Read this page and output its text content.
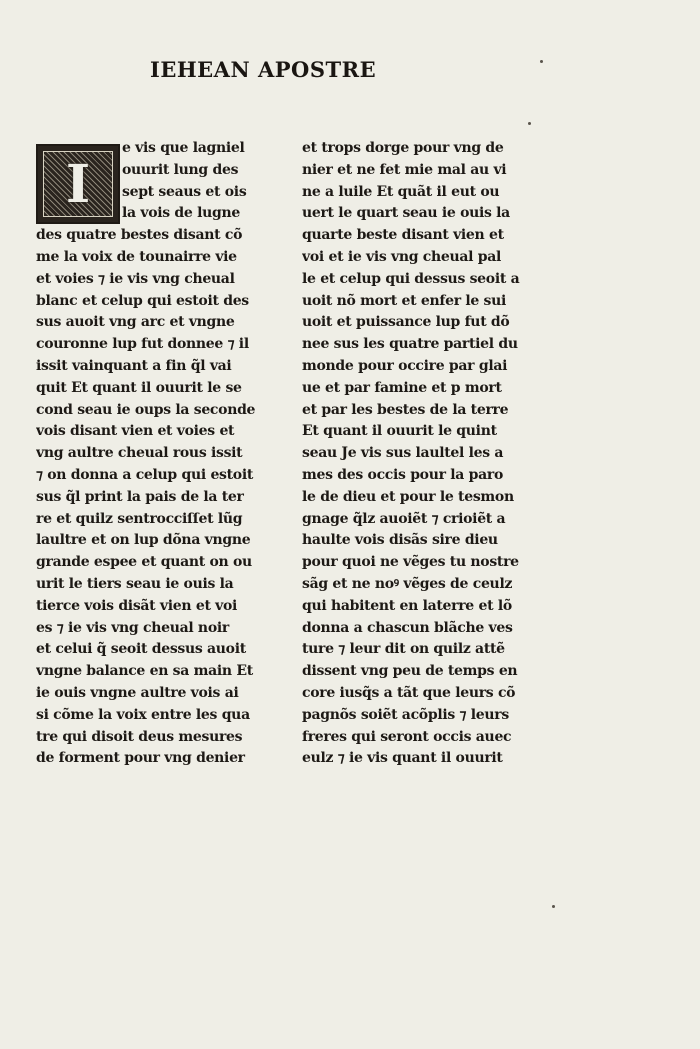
IEHEAN APOSTRE
I
e vis que lagniel
ouurit lung des
sept seaus et ois
la vois de lugne
des quatre bestes disant cõ
me la voix de tounairre vie
et voies ⁊ ie vis vng cheual
blanc et celup qui estoit des
sus auoit vng arc et vngne
couronne lup fut donnee ⁊ il
issit vainquant a fin q̃l vai
quit Et quant il ouurit le se
cond seau ie oups la seconde
vois disant vien et voies et
vng aultre cheual rous issit
⁊ on donna a celup qui estoit
sus q̃l print la pais de la ter
re et quilz sentrocciſſet lũg
laultre et on lup dõna vngne
grande espee et quant on ou
urit le tiers seau ie ouis la
tierce vois disãt vien et voi
es ⁊ ie vis vng cheual noir
et celui q̃ seoit dessus auoit
vngne balance en sa main Et
ie ouis vngne aultre vois ai
si cõme la voix entre les qua
tre qui disoit deus mesures
de forment pour vng denier
et trops dorge pour vng de
nier et ne fet mie mal au vi
ne a luile Et quãt il eut ou
uert le quart seau ie ouis la
quarte beste disant vien et
voi et ie vis vng cheual pal
le et celup qui dessus seoit a
uoit nõ mort et enfer le sui
uoit et puissance lup fut dõ
nee sus les quatre partiel du
monde pour occire par glai
ue et par famine et p mort
et par les bestes de la terre
Et quant il ouurit le quint
seau Je vis sus laultel les a
mes des occis pour la paro
le de dieu et pour le tesmon
gnage q̃lz auoiẽt ⁊ crioiẽt a
haulte vois disãs sire dieu
pour quoi ne vẽges tu nostre
sãg et ne noꝰ vẽges de ceulz
qui habitent en laterre et lõ
donna a chascun blãche ves
ture ⁊ leur dit on quilz attẽ
dissent vng peu de temps en
core iusq̃s a tãt que leurs cõ
pagnõs soiẽt acõplis ⁊ leurs
freres qui seront occis auec
eulz ⁊ ie vis quant il ouurit
